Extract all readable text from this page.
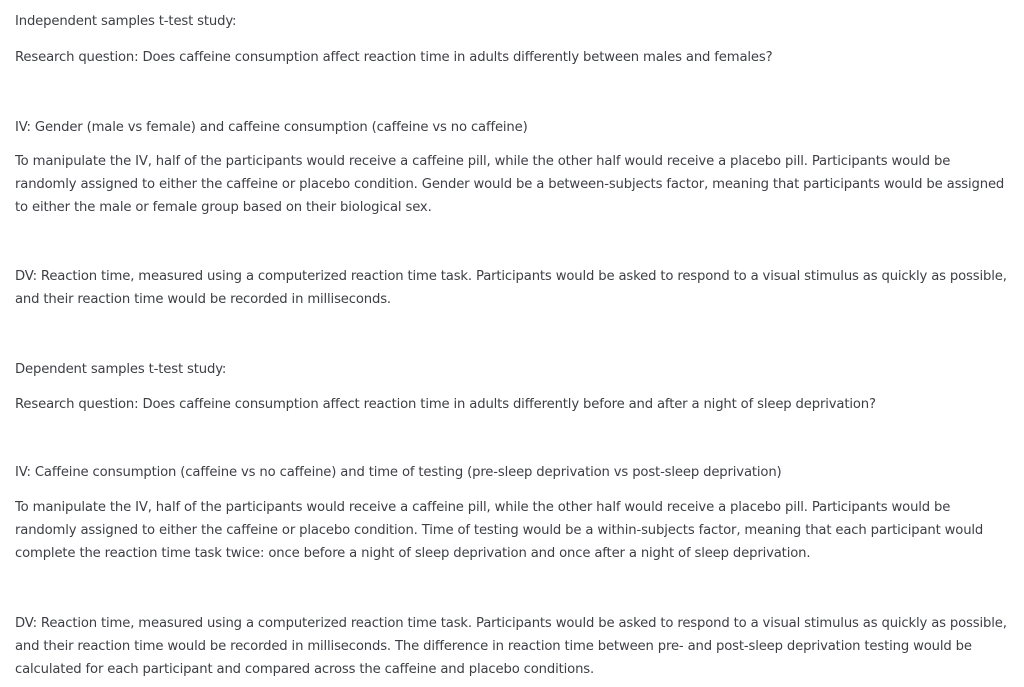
Independent samples t-test study:

Research question: Does caffeine consumption affect reaction time in adults differently between males and females?

IV: Gender (male vs female) and caffeine consumption (caffeine vs no caffeine)

To manipulate the IV, half of the participants would receive a caffeine pill, while the other half would receive a placebo pill. Participants would be randomly assigned to either the caffeine or placebo condition. Gender would be a between-subjects factor, meaning that participants would be assigned to either the male or female group based on their biological sex.

DV: Reaction time, measured using a computerized reaction time task. Participants would be asked to respond to a visual stimulus as quickly as possible, and their reaction time would be recorded in milliseconds.

Dependent samples t-test study:

Research question: Does caffeine consumption affect reaction time in adults differently before and after a night of sleep deprivation?

IV: Caffeine consumption (caffeine vs no caffeine) and time of testing (pre-sleep deprivation vs post-sleep deprivation)

To manipulate the IV, half of the participants would receive a caffeine pill, while the other half would receive a placebo pill. Participants would be randomly assigned to either the caffeine or placebo condition. Time of testing would be a within-subjects factor, meaning that each participant would complete the reaction time task twice: once before a night of sleep deprivation and once after a night of sleep deprivation.

DV: Reaction time, measured using a computerized reaction time task. Participants would be asked to respond to a visual stimulus as quickly as possible, and their reaction time would be recorded in milliseconds. The difference in reaction time between pre- and post-sleep deprivation testing would be calculated for each participant and compared across the caffeine and placebo conditions.
